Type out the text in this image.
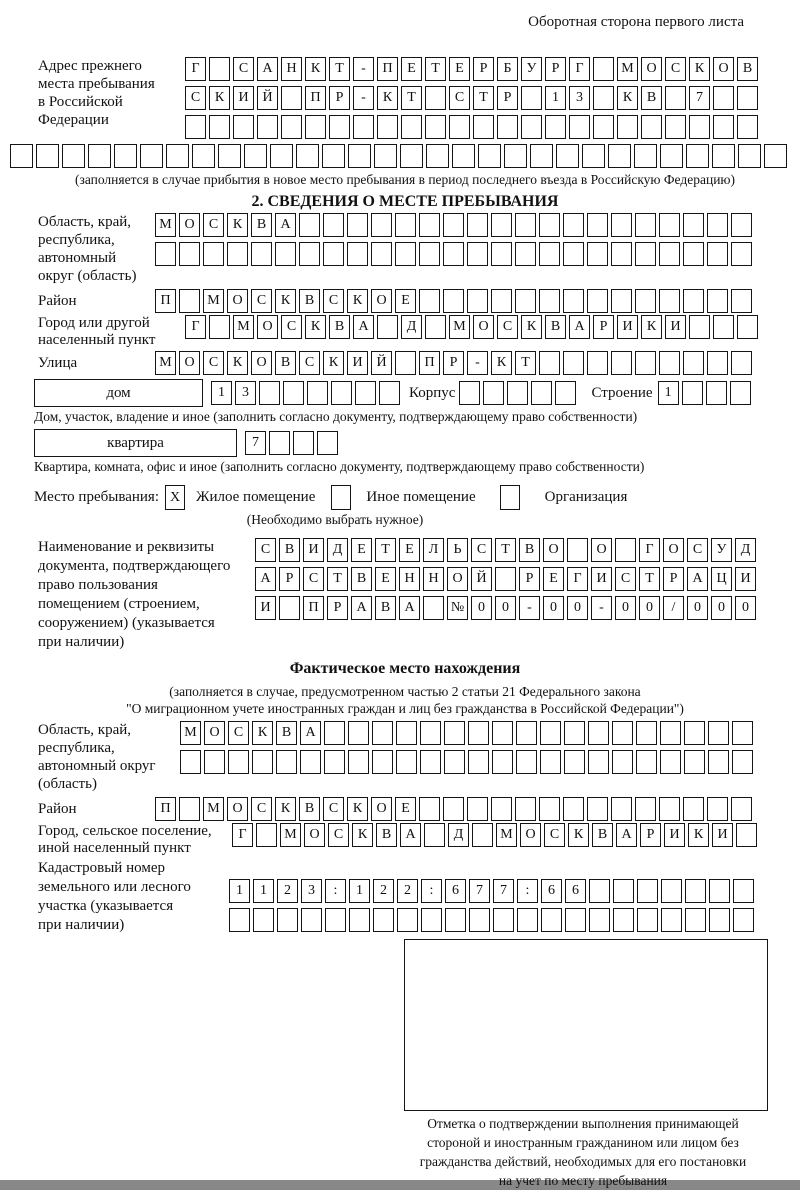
Оборотная сторона первого листа
Адрес прежнего
места пребывания
в Российской
Федерации
Г	С	А Н	К	Т	-	П	Е	Т	Е	Р	Б	У	Р	Г	М О	С	К	О	В
С	К	И Й	П	Р	-	К	Т	С	Т	Р	1	3	К	В	7
(заполняется в случае прибытия в новое место пребывания в период последнего въезда в Российскую Федерацию)
2. СВЕДЕНИЯ О МЕСТЕ ПРЕБЫВАНИЯ
Область, край,
республика,
автономный
округ (область)
М О	С	К	В	А
Район	П	М О	С	К	В	С	К	О	Е
Город или другой
населенный пункт
Г	М О	С	К	В	А	Д	М О	С	К	В	А	Р	И	К	И
Улица	М О	С	К	О	В	С	К	И Й	П	Р	-	К	Т
дом	1	3	Корпус	Строение 1
Дом, участок, владение и иное (заполнить согласно документу, подтверждающему право собственности)
квартира	7
Квартира, комната, офис и иное (заполнить согласно документу, подтверждающему право собственности)
Место пребывания: X	Жилое помещение	Иное помещение	Организация
(Необходимо выбрать нужное)
Наименование и реквизиты
документа, подтверждающего
право пользования
помещением (строением,
сооружением) (указывается
при наличии)
С	В	И	Д	Е	Т	Е	Л	Ь	С	Т	В	О	О	Г	О	С	У	Д
А	Р	С	Т	В	Е	Н Н О Й	Р	Е	Г	И	С	Т	Р	А Ц И
И	П	Р	А	В	А	№ 0	0	-	0	0	-	0	0	/	0	0	0
Фактическое место нахождения
(заполняется в случае, предусмотренном частью 2 статьи 21 Федерального закона
"О миграционном учете иностранных граждан и лиц без гражданства в Российской Федерации")
Область, край,
республика,
автономный округ
(область)
М О	С	К	В	А
Район	П	М О	С	К	В	С	К	О	Е
Город, сельское поселение,
иной населенный пункт
Г	М О	С	К	В	А	Д	М О	С	К	В	А	Р	И	К	И
Кадастровый номер
земельного или лесного
участка (указывается
при наличии)
1	1	2	3	:	1	2	2	:	6	7	7	:	6	6
Отметка о подтверждении выполнения принимающей
стороной и иностранным гражданином или лицом без
гражданства действий, необходимых для его постановки
на учет по месту пребывания
